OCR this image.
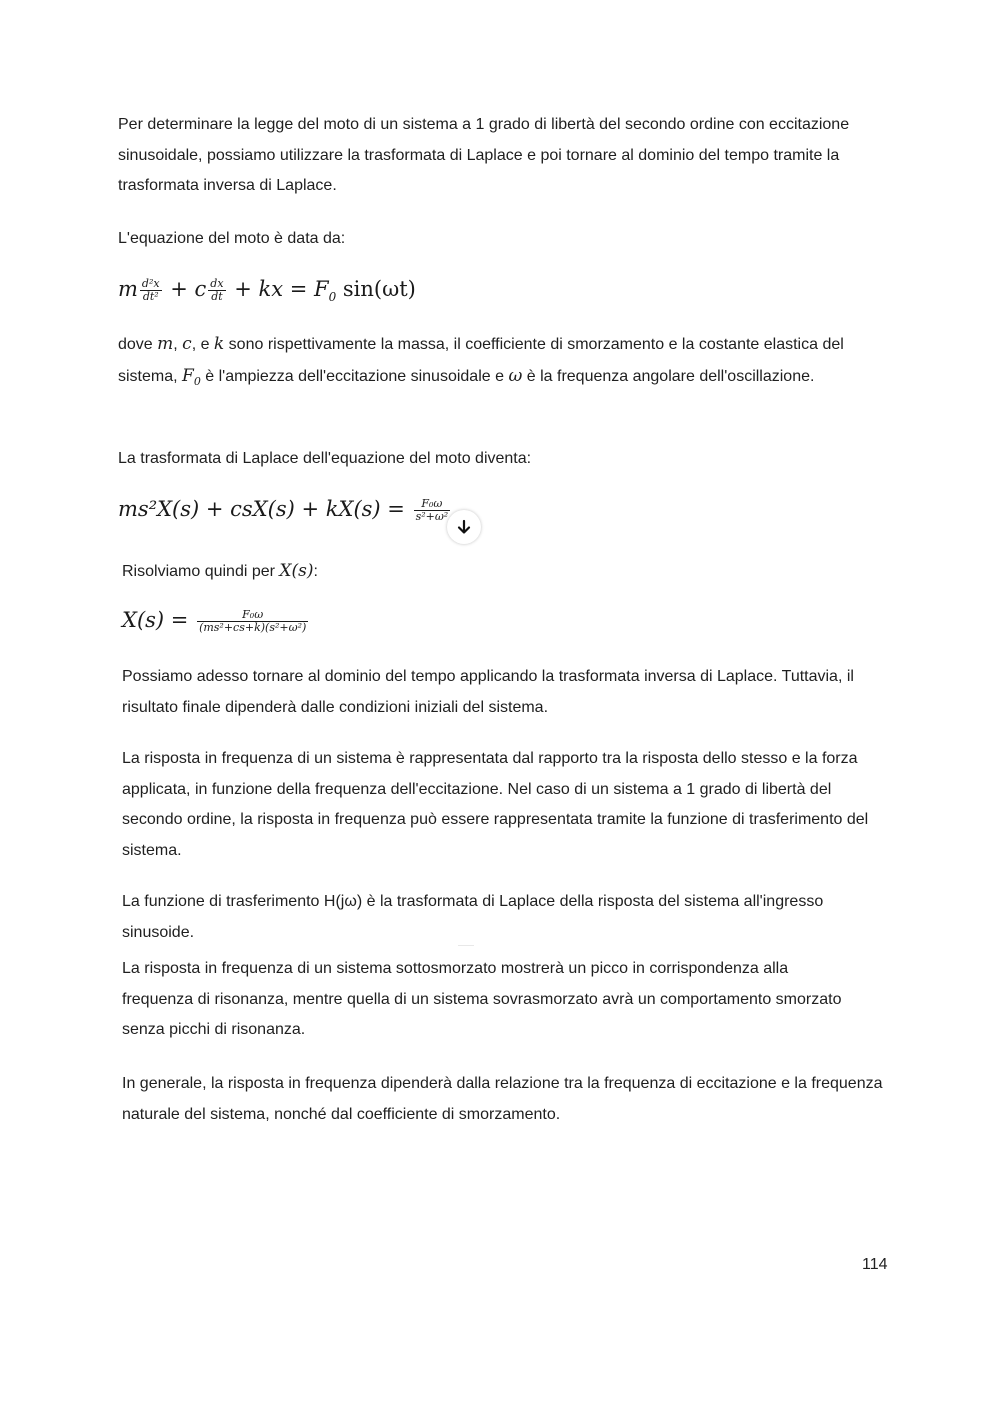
Per determinare la legge del moto di un sistema a 1 grado di libertà del secondo ordine con eccitazione sinusoidale, possiamo utilizzare la trasformata di Laplace e poi tornare al dominio del tempo tramite la trasformata inversa di Laplace.
L'equazione del moto è data da:
m $\frac{\text{d²x}}{\text{dt²}} + c \frac{dx}{dt}$ + kx = $F_0$ sin(ωt)
dove m, c, e k sono rispettivamente la massa, il coefficiente di smorzamento e la costante elastica del sistema, $F_0$ è l'ampiezza dell'eccitazione sinusoidale e ω è la frequenza angolare dell'oscillazione.
La trasformata di Laplace dell'equazione del moto diventa:
$ms^2X(s) + csX(s) + kX(s) = \frac{\text{F₀ω}}{\text{s²+ω²}}$
Risolviamo quindi per X(s):
$X(s) = \frac{\text{F₀ω}}{\text{(ms²+cs+k)(s²+ω²)}}$
Possiamo adesso tornare al dominio del tempo applicando la trasformata inversa di Laplace. Tuttavia, il risultato finale dipenderà dalle condizioni iniziali del sistema.
La risposta in frequenza di un sistema è rappresentata dal rapporto tra la risposta dello stesso e la forza applicata, in funzione della frequenza dell'eccitazione. Nel caso di un sistema a 1 grado di libertà del secondo ordine, la risposta in frequenza può essere rappresentata tramite la funzione di trasferimento del sistema.
La funzione di trasferimento H(jω) è la trasformata di Laplace della risposta del sistema all'ingresso sinusoide.
La risposta in frequenza di un sistema sottosmorzato mostrerà un picco in corrispondenza alla frequenza di risonanza, mentre quella di un sistema sovrasmorzato avrà un comportamento smorzato senza picchi di risonanza.
In generale, la risposta in frequenza dipenderà dalla relazione tra la frequenza di eccitazione e la frequenza naturale del sistema, nonché dal coefficiente di smorzamento.
114
